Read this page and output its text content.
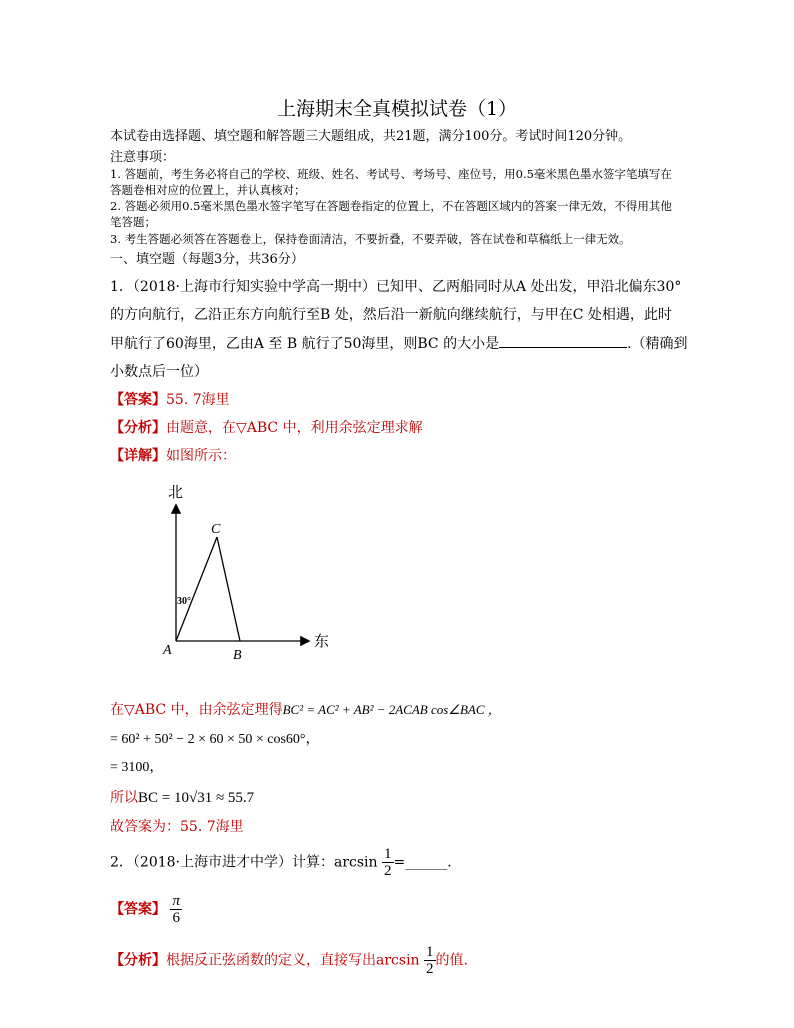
上海期末全真模拟试卷（1）
本试卷由选择题、填空题和解答题三大题组成，共21题，满分100分。考试时间120分钟。
注意事项：
1. 答题前，考生务必将自己的学校、班级、姓名、考试号、考场号、座位号，用0.5毫米黑色墨水签字笔填写在
答题卷相对应的位置上，并认真核对；
2. 答题必须用0.5毫米黑色墨水签字笔写在答题卷指定的位置上，不在答题区域内的答案一律无效，不得用其他
笔答题；
3. 考生答题必须答在答题卷上，保持卷面清洁，不要折叠，不要弄破，答在试卷和草稿纸上一律无效。
一、填空题（每题3分，共36分）
1．（2018·上海市行知实验中学高一期中）已知甲、乙两船同时从A 处出发，甲沿北偏东30°
的方向航行，乙沿正东方向航行至B 处，然后沿一新航向继续航行，与甲在C 处相遇，此时
甲航行了60海里，乙由A 至 B 航行了50海里，则BC 的大小是	.（精确到
小数点后一位）
【答案】55. 7海里
【分析】由题意，在▽ABC 中，利用余弦定理求解
【详解】如图所示：
北
东
C
A	B
30°
在▽ABC 中，由余弦定理得BC² = AC² + AB² − 2ACAB cos∠BAC ，
= 60² + 50² − 2 × 60 × 50 × cos60°，
= 3100，
所以BC = 10√31 ≈ 55.7
故答案为：55. 7海里
2．（2018·上海市进才中学）计算：$\arcsin \frac{1}{2}$ =______.
【答案】 $\frac{\pi}{6}$
【分析】根据反正弦函数的定义，直接写出$\arcsin \frac{1}{2}$ 的值.
